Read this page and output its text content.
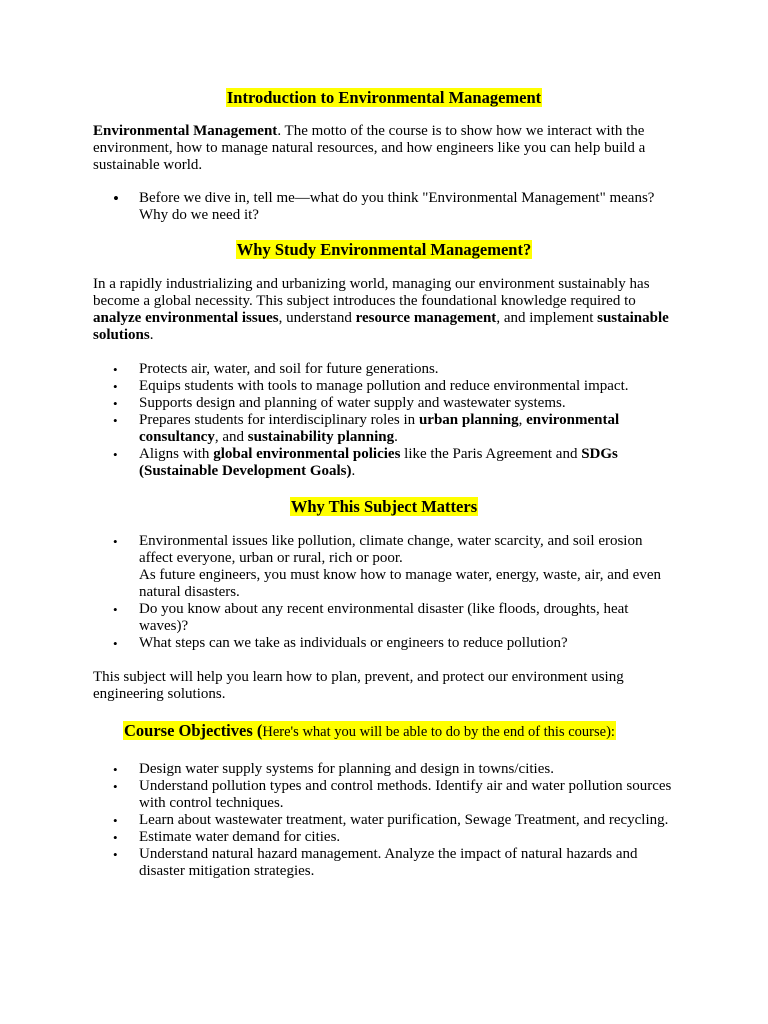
Introduction to Environmental Management

Environmental Management. The motto of the course is to show how we interact with the environment, how to manage natural resources, and how engineers like you can help build a sustainable world.

• Before we dive in, tell me—what do you think "Environmental Management" means? Why do we need it?
Why Study Environmental Management?

In a rapidly industrializing and urbanizing world, managing our environment sustainably has become a global necessity. This subject introduces the foundational knowledge required to analyze environmental issues, understand resource management, and implement sustainable solutions.

• Protects air, water, and soil for future generations.
• Equips students with tools to manage pollution and reduce environmental impact.
• Supports design and planning of water supply and wastewater systems.
• Prepares students for interdisciplinary roles in urban planning, environmental consultancy, and sustainability planning.
• Aligns with global environmental policies like the Paris Agreement and SDGs (Sustainable Development Goals).
Why This Subject Matters
• Environmental issues like pollution, climate change, water scarcity, and soil erosion affect everyone, urban or rural, rich or poor.
As future engineers, you must know how to manage water, energy, waste, air, and even natural disasters.
• Do you know about any recent environmental disaster (like floods, droughts, heat waves)?
• What steps can we take as individuals or engineers to reduce pollution?

This subject will help you learn how to plan, prevent, and protect our environment using engineering solutions.

Course Objectives (Here's what you will be able to do by the end of this course):
• Design water supply systems for planning and design in towns/cities.
• Understand pollution types and control methods. Identify air and water pollution sources with control techniques.
• Learn about wastewater treatment, water purification, Sewage Treatment, and recycling.
• Estimate water demand for cities.
• Understand natural hazard management. Analyze the impact of natural hazards and disaster mitigation strategies.
